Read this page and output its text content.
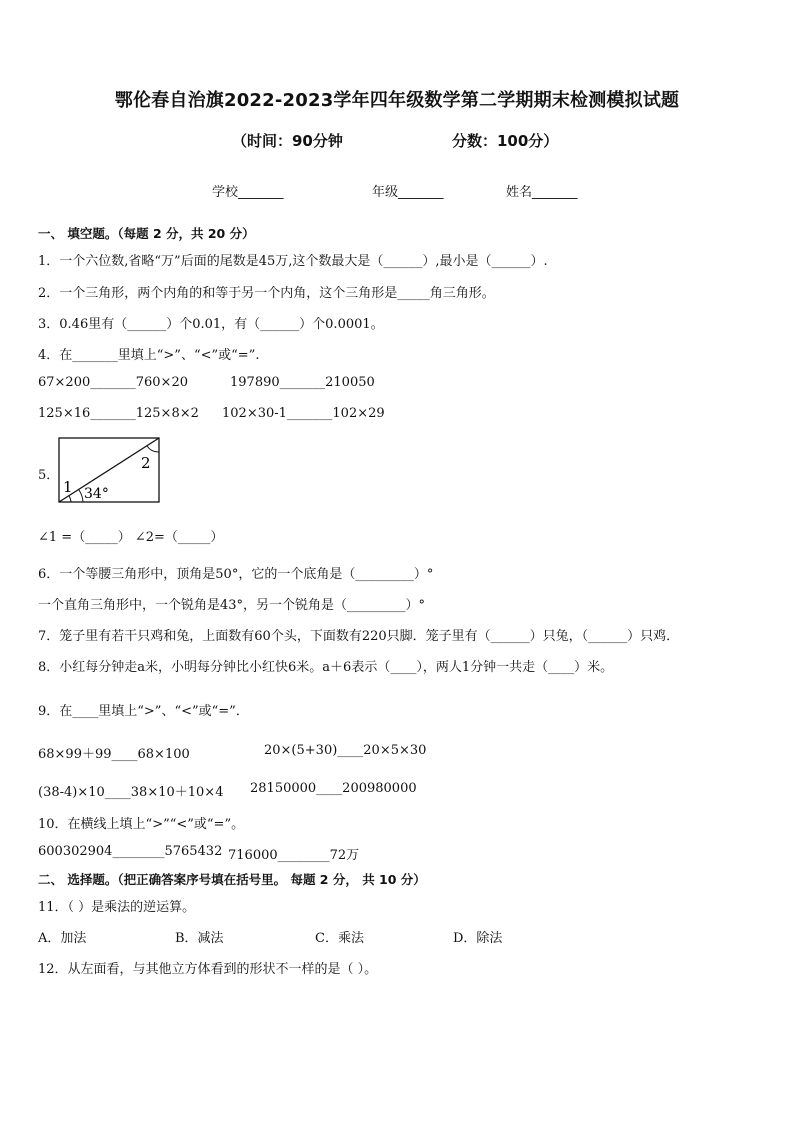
鄂伦春自治旗2022-2023学年四年级数学第二学期期末检测模拟试题
（时间：90分钟	分数：100分）
学校_______	年级_______	姓名_______
一、 填空题。（每题 2 分，共 20 分）
1．一个六位数,省略“万”后面的尾数是45万,这个数最大是（______）,最小是（______）.
2．一个三角形，两个内角的和等于另一个内角，这个三角形是_____角三角形。
3．0.46里有（______）个0.01，有（______）个0.0001。
4．在_______里填上“>”、“<”或“=”.
67×200_______760×20	197890_______210050
125×16_______125×8×2 102×30-1_______102×29
5．
1
2
34°
∠1 =（_____） ∠2=（_____）
6．一个等腰三角形中，顶角是50°，它的一个底角是（_________）°
一个直角三角形中，一个锐角是43°，另一个锐角是（_________）°
7．笼子里有若干只鸡和兔，上面数有60个头，下面数有220只脚．笼子里有（______）只兔，（______）只鸡．
8．小红每分钟走a米，小明每分钟比小红快6米。a＋6表示（____），两人1分钟一共走（____）米。
9．在____里填上“>”、“<”或“=”．
68×99＋99____68×100	20×(5+30)____20×5×30
(38-4)×10____38×10＋10×4 28150000____200980000
10．在横线上填上“>”“<”或“=”。
600302904________5765432 716000________72万
二、 选择题。（把正确答案序号填在括号里。 每题 2 分， 共 10 分）
11．（ ）是乘法的逆运算。
A．加法	B．减法	C．乘法	D．除法
12．从左面看，与其他立方体看到的形状不一样的是（ ）。
